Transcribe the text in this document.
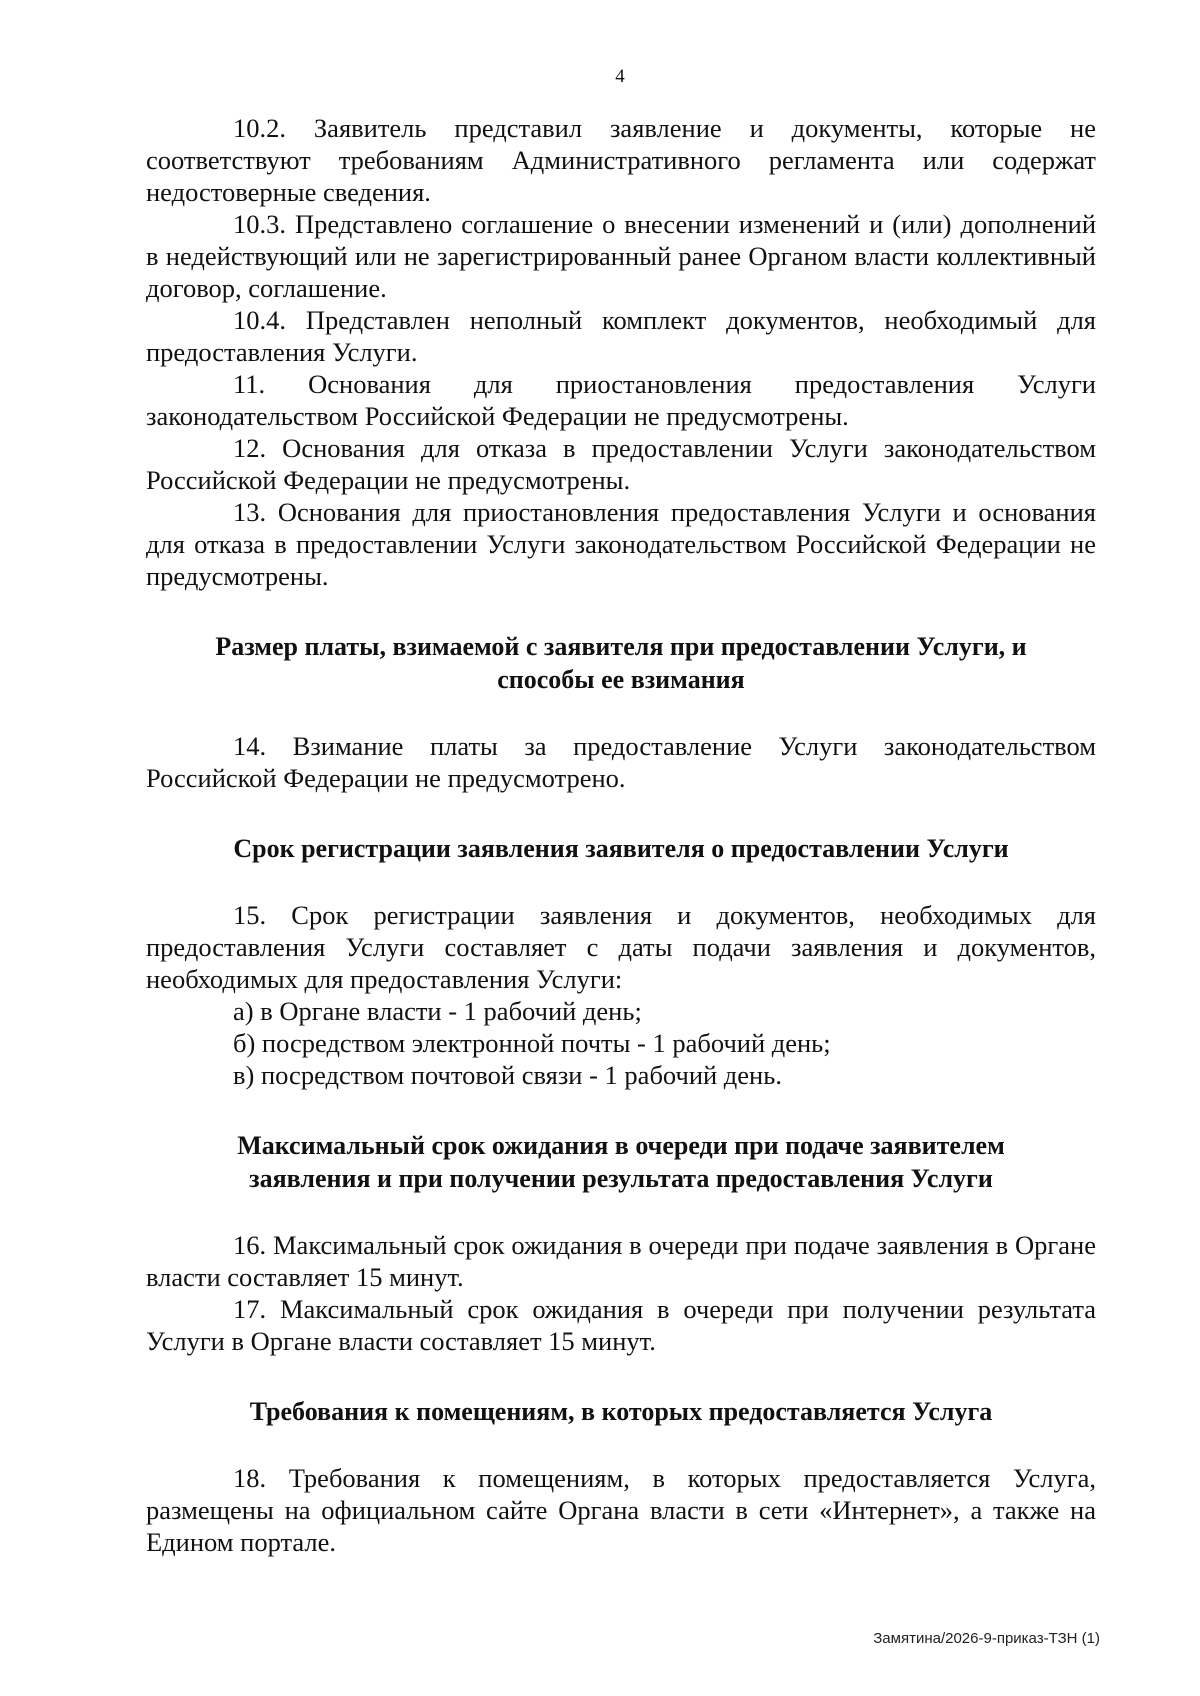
4

10.2. Заявитель представил заявление и документы, которые не соответствуют требованиям Административного регламента или содержат недостоверные сведения.

10.3. Представлено соглашение о внесении изменений и (или) дополнений в недействующий или не зарегистрированный ранее Органом власти коллективный договор, соглашение.

10.4. Представлен неполный комплект документов, необходимый для предоставления Услуги.

11. Основания для приостановления предоставления Услуги законодательством Российской Федерации не предусмотрены.

12. Основания для отказа в предоставлении Услуги законодательством Российской Федерации не предусмотрены.

13. Основания для приостановления предоставления Услуги и основания для отказа в предоставлении Услуги законодательством Российской Федерации не предусмотрены.

Размер платы, взимаемой с заявителя при предоставлении Услуги, и
способы ее взимания

14. Взимание платы за предоставление Услуги законодательством Российской Федерации не предусмотрено.

Срок регистрации заявления заявителя о предоставлении Услуги

15. Срок регистрации заявления и документов, необходимых для предоставления Услуги составляет с даты подачи заявления и документов, необходимых для предоставления Услуги:

а) в Органе власти - 1 рабочий день;

б) посредством электронной почты - 1 рабочий день;

в) посредством почтовой связи - 1 рабочий день.

Максимальный срок ожидания в очереди при подаче заявителем
заявления и при получении результата предоставления Услуги

16. Максимальный срок ожидания в очереди при подаче заявления в Органе власти составляет 15 минут.

17. Максимальный срок ожидания в очереди при получении результата Услуги в Органе власти составляет 15 минут.

Требования к помещениям, в которых предоставляется Услуга

18. Требования к помещениям, в которых предоставляется Услуга, размещены на официальном сайте Органа власти в сети «Интернет», а также на Едином портале.

Замятина/2026-9-приказ-ТЗН (1)
